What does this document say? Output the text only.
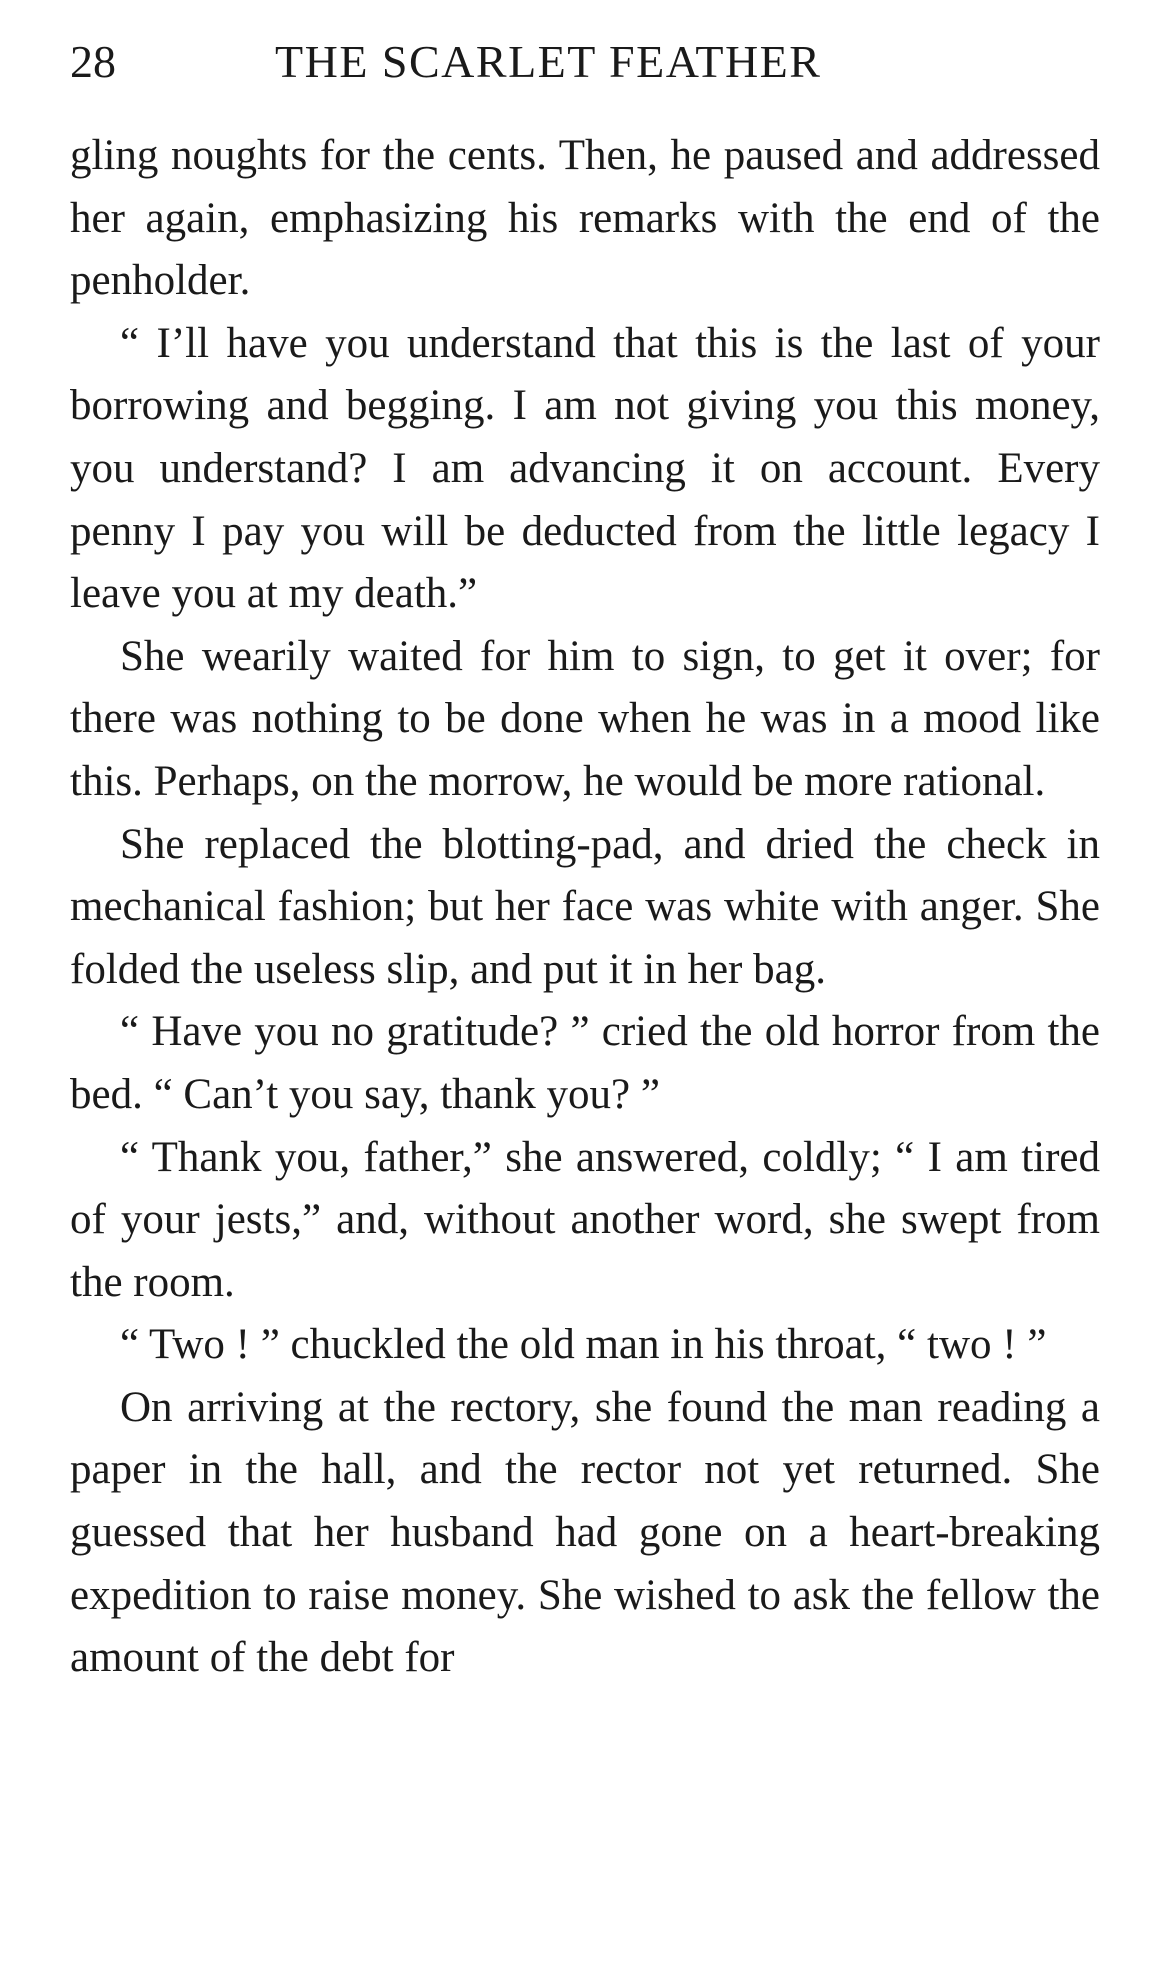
28	THE SCARLET FEATHER

gling noughts for the cents. Then, he paused and addressed her again, emphasizing his remarks with the end of the penholder.

“ I’ll have you understand that this is the last of your borrowing and begging. I am not giving you this money, you understand? I am advancing it on account. Every penny I pay you will be deducted from the little legacy I leave you at my death.”

She wearily waited for him to sign, to get it over; for there was nothing to be done when he was in a mood like this. Perhaps, on the morrow, he would be more rational.

She replaced the blotting-pad, and dried the check in mechanical fashion; but her face was white with anger. She folded the useless slip, and put it in her bag.

“ Have you no gratitude? ” cried the old horror from the bed. “ Can’t you say, thank you? ”

“ Thank you, father,” she answered, coldly; “ I am tired of your jests,” and, without another word, she swept from the room.

“ Two ! ” chuckled the old man in his throat, “ two ! ”

On arriving at the rectory, she found the man reading a paper in the hall, and the rector not yet returned. She guessed that her husband had gone on a heart-breaking expedition to raise money. She wished to ask the fellow the amount of the debt for
